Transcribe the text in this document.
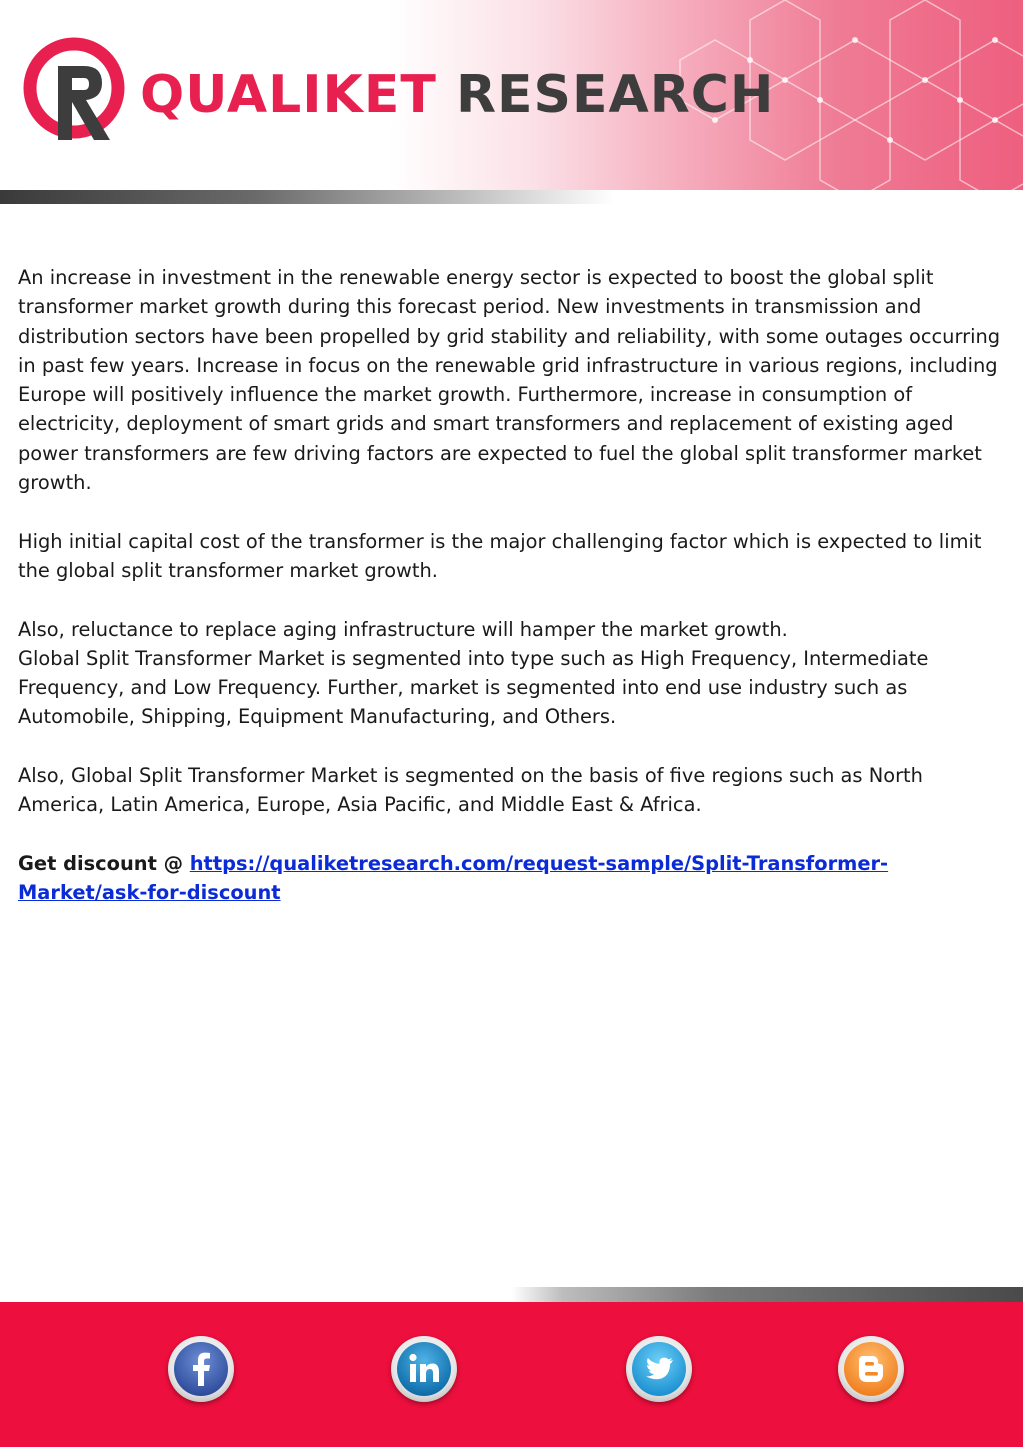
QUALIKET RESEARCH

An increase in investment in the renewable energy sector is expected to boost the global split transformer market growth during this forecast period. New investments in transmission and distribution sectors have been propelled by grid stability and reliability, with some outages occurring in past few years. Increase in focus on the renewable grid infrastructure in various regions, including Europe will positively influence the market growth. Furthermore, increase in consumption of electricity, deployment of smart grids and smart transformers and replacement of existing aged power transformers are few driving factors are expected to fuel the global split transformer market growth.

High initial capital cost of the transformer is the major challenging factor which is expected to limit the global split transformer market growth.

Also, reluctance to replace aging infrastructure will hamper the market growth.

Global Split Transformer Market is segmented into type such as High Frequency, Intermediate Frequency, and Low Frequency. Further, market is segmented into end use industry such as Automobile, Shipping, Equipment Manufacturing, and Others.

Also, Global Split Transformer Market is segmented on the basis of five regions such as North America, Latin America, Europe, Asia Pacific, and Middle East & Africa.

Get discount @ https://qualiketresearch.com/request-sample/Split-Transformer-Market/ask-for-discount
